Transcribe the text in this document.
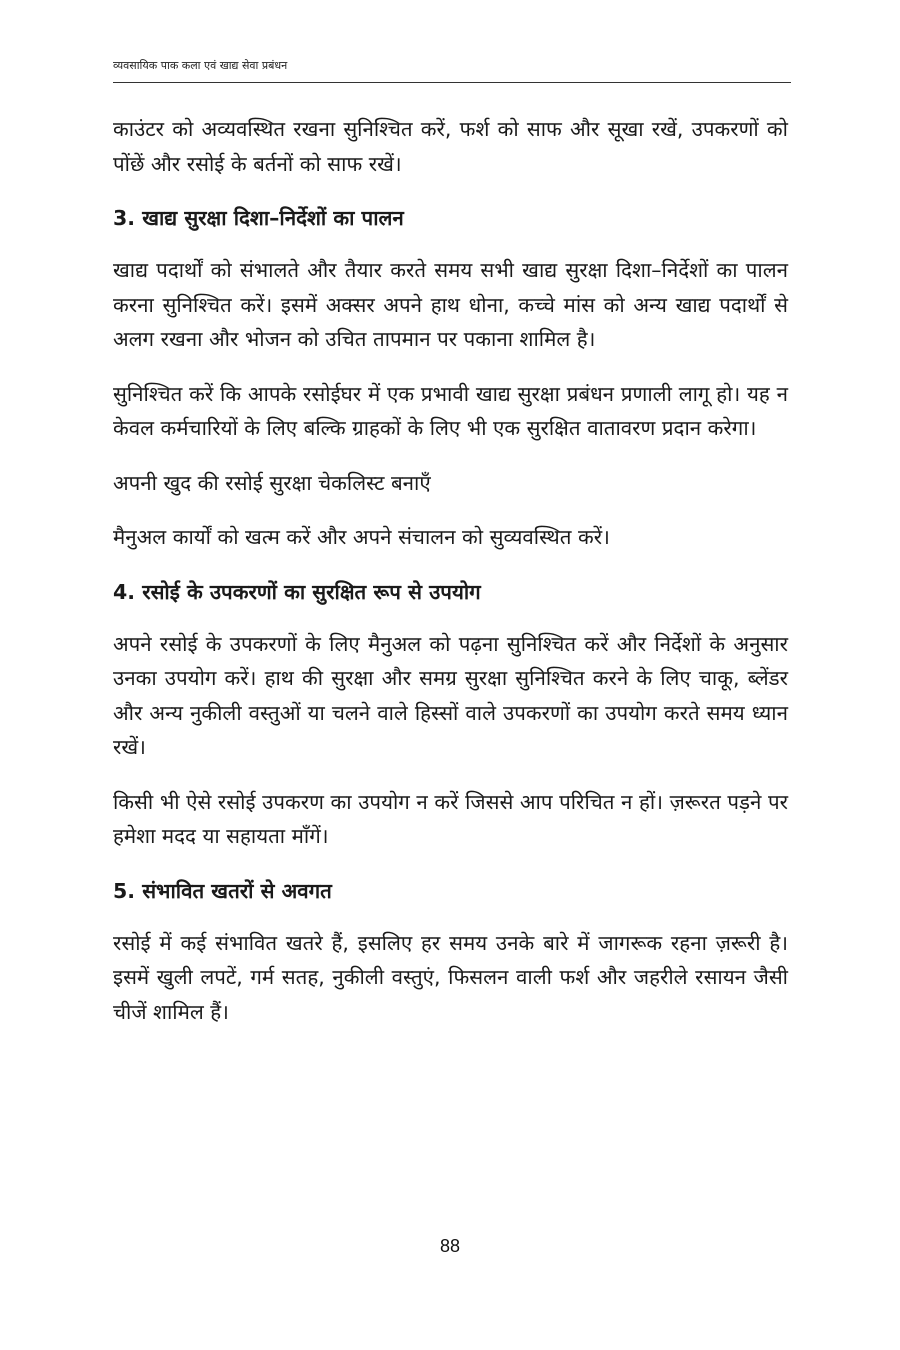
व्यवसायिक पाक कला एवं खाद्य सेवा प्रबंधन

काउंटर को अव्यवस्थित रखना सुनिश्चित करें, फर्श को साफ और सूखा रखें, उपकरणों को पोंछें और रसोई के बर्तनों को साफ रखें।

3. खाद्य सुरक्षा दिशा–निर्देशों का पालन

खाद्य पदार्थों को संभालते और तैयार करते समय सभी खाद्य सुरक्षा दिशा–निर्देशों का पालन करना सुनिश्चित करें। इसमें अक्सर अपने हाथ धोना, कच्चे मांस को अन्य खाद्य पदार्थों से अलग रखना और भोजन को उचित तापमान पर पकाना शामिल है।

सुनिश्चित करें कि आपके रसोईघर में एक प्रभावी खाद्य सुरक्षा प्रबंधन प्रणाली लागू हो। यह न केवल कर्मचारियों के लिए बल्कि ग्राहकों के लिए भी एक सुरक्षित वातावरण प्रदान करेगा।

अपनी खुद की रसोई सुरक्षा चेकलिस्ट बनाएँ

मैनुअल कार्यों को खत्म करें और अपने संचालन को सुव्यवस्थित करें।

4. रसोई के उपकरणों का सुरक्षित रूप से उपयोग

अपने रसोई के उपकरणों के लिए मैनुअल को पढ़ना सुनिश्चित करें और निर्देशों के अनुसार उनका उपयोग करें। हाथ की सुरक्षा और समग्र सुरक्षा सुनिश्चित करने के लिए चाकू, ब्लेंडर और अन्य नुकीली वस्तुओं या चलने वाले हिस्सों वाले उपकरणों का उपयोग करते समय ध्यान रखें।

किसी भी ऐसे रसोई उपकरण का उपयोग न करें जिससे आप परिचित न हों। ज़रूरत पड़ने पर हमेशा मदद या सहायता माँगें।

5. संभावित खतरों से अवगत

रसोई में कई संभावित खतरे हैं, इसलिए हर समय उनके बारे में जागरूक रहना ज़रूरी है। इसमें खुली लपटें, गर्म सतह, नुकीली वस्तुएं, फिसलन वाली फर्श और जहरीले रसायन जैसी चीजें शामिल हैं।

88
